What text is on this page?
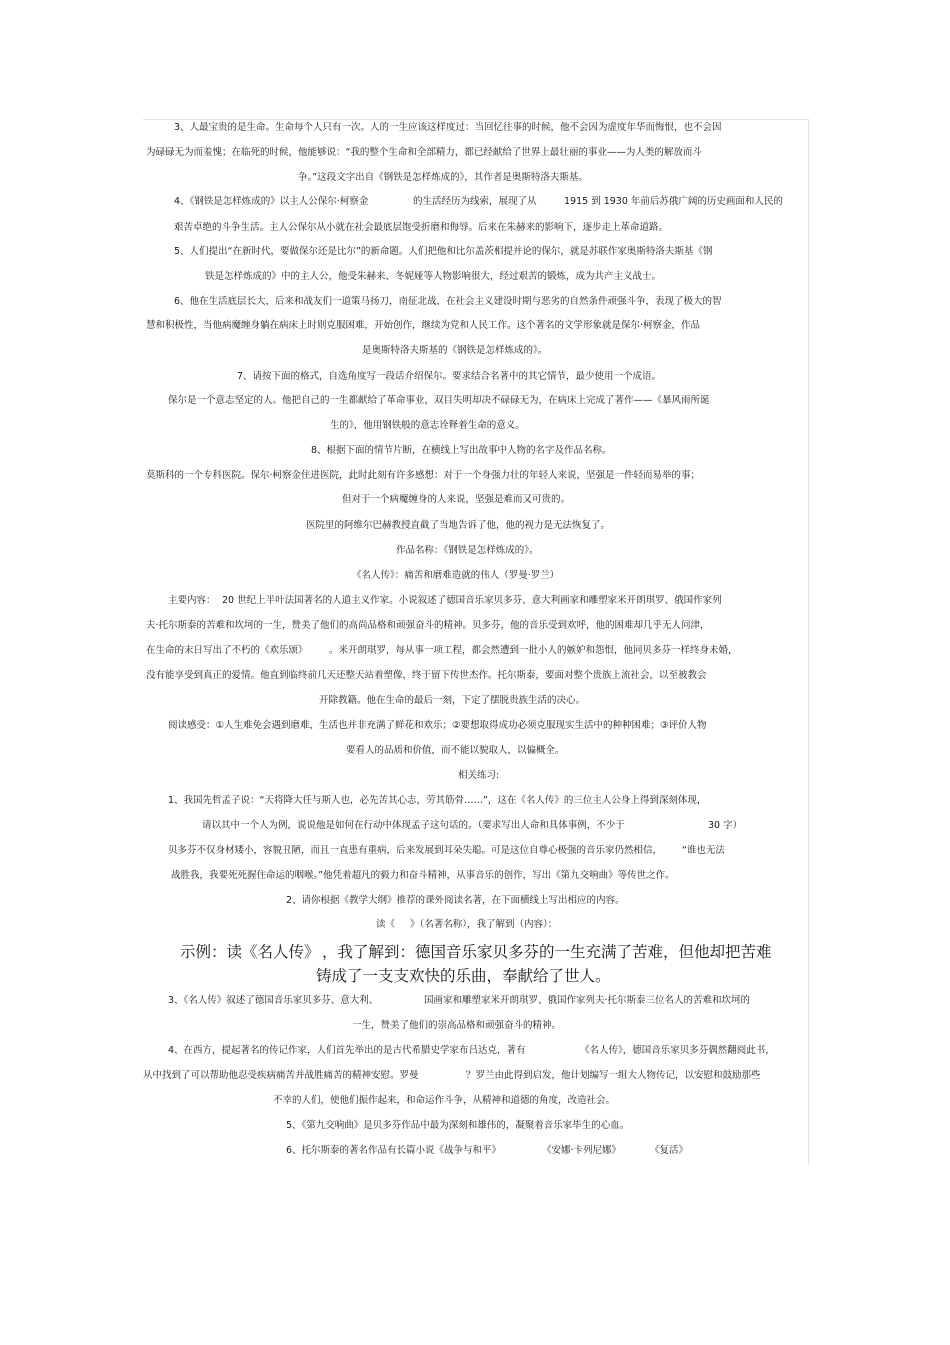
3、人最宝贵的是生命。生命每个人只有一次。人的一生应该这样度过：当回忆往事的时候，他不会因为虚度年华而悔恨，也不会因
为碌碌无为而羞愧；在临死的时候，他能够说：“我的整个生命和全部精力，都已经献给了世界上最壮丽的事业——为人类的解放而斗
争。”这段文字出自《钢铁是怎样炼成的》，其作者是奥斯特洛夫斯基。
4、《钢铁是怎样炼成的》以主人公保尔·柯察金	的生活经历为线索，展现了从	1915 到 1930 年前后苏俄广阔的历史画面和人民的
艰苦卓绝的斗争生活。主人公保尔从小就在社会最底层饱受折磨和侮辱。后来在朱赫来的影响下，逐步走上革命道路。
5、人们提出“在新时代，要做保尔还是比尔”的新命题。人们把他和比尔盖茨相提并论的保尔，就是苏联作家奥斯特洛夫斯基《钢
铁是怎样炼成的》中的主人公，他受朱赫来、冬妮娅等人物影响很大，经过艰苦的锻炼，成为共产主义战士。
6、他在生活底层长大，后来和战友们一道策马扬刀，南征北战，在社会主义建设时期与恶劣的自然条件顽强斗争，表现了极大的智
慧和积极性，当他病魔缠身躺在病床上时则克服困难，开始创作，继续为党和人民工作。这个著名的文学形象就是保尔·柯察金，作品
是奥斯特洛夫斯基的《钢铁是怎样炼成的》。
7、请按下面的格式，自选角度写一段话介绍保尔。要求结合名著中的其它情节，最少使用一个成语。
保尔是一个意志坚定的人。他把自己的一生都献给了革命事业，双目失明却决不碌碌无为，在病床上完成了著作——《暴风雨所诞
生的》，他用钢铁般的意志诠释着生命的意义。
8、根据下面的情节片断，在横线上写出故事中人物的名字及作品名称。
莫斯科的一个专科医院。保尔·柯察金住进医院，此时此刻有许多感想：对于一个身强力壮的年轻人来说，坚强是一件轻而易举的事；
但对于一个病魔缠身的人来说，坚强是难而又可贵的。
医院里的阿维尔巴赫教授直截了当地告诉了他，他的视力是无法恢复了。
作品名称：《钢铁是怎样炼成的》。
《名人传》：痛苦和磨难造就的伟人（罗曼·罗兰）
主要内容： 20 世纪上半叶法国著名的人道主义作家。小说叙述了德国音乐家贝多芬、意大利画家和雕塑家米开朗琪罗、俄国作家列
夫·托尔斯泰的苦难和坎坷的一生，赞美了他们的高尚品格和顽强奋斗的精神。贝多芬，他的音乐受到欢呼，他的困难却几乎无人问津，
在生命的末日写出了不朽的《欢乐颂》 。米开朗琪罗，每从事一项工程，都会然遭到一批小人的嫉妒和怨恨，他同贝多芬一样终身未婚，
没有能享受到真正的爱情。他直到临终前几天还整天站着塑像，终于留下传世杰作。托尔斯泰，要面对整个贵族上流社会，以至被教会
开除教籍。他在生命的最后一刻，下定了摆脱贵族生活的决心。
阅读感受：①人生难免会遇到磨难，生活也并非充满了鲜花和欢乐；②要想取得成功必须克服现实生活中的种种困难；③评价人物
要看人的品质和价值，而不能以貌取人，以偏概全。
相关练习:
1、我国先哲孟子说：“天将降大任与斯人也，必先苦其心志，劳其筋骨……”，这在《名人传》的三位主人公身上得到深刻体现，
请以其中一个人为例，说说他是如何在行动中体现孟子这句话的。（要求写出人命和具体事例，不少于	30 字）
贝多芬不仅身材矮小，容貌丑陋，而且一直患有重病，后来发展到耳朵失聪。可是这位自尊心极强的音乐家仍然相信， “谁也无法
战胜我，我要死死握住命运的咽喉。”他凭着超凡的毅力和奋斗精神，从事音乐的创作，写出《第九交响曲》等传世之作。
2、请你根据《教学大纲》推荐的课外阅读名著，在下面横线上写出相应的内容。
读《 》（名著名称），我了解到（内容）：
示例：读《名人传》 ，我了解到：德国音乐家贝多芬的一生充满了苦难，但他却把苦难
铸成了一支支欢快的乐曲，奉献给了世人。
3、《名人传》叙述了德国音乐家贝多芬、意大利、	国画家和雕塑家米开朗琪罗、俄国作家列夫·托尔斯泰三位名人的苦难和坎坷的
一生，赞美了他们的崇高品格和顽强奋斗的精神。
4、在西方，提起著名的传记作家，人们首先举出的是古代希腊史学家布吕达克，著有	《名人传》，德国音乐家贝多芬偶然翻阅此书，
从中找到了可以帮助他忍受疾病痛苦并战胜痛苦的精神安慰。罗曼	？罗兰由此得到启发，他计划编写一组大人物传记，以安慰和鼓励那些
不幸的人们，使他们振作起来，和命运作斗争，从精神和道德的角度，改造社会。
5、《第九交响曲》是贝多芬作品中最为深刻和雄伟的，凝聚着音乐家毕生的心血。
6、托尔斯泰的著名作品有长篇小说《战争与和平》	《安娜·卡列尼娜》	《复活》
